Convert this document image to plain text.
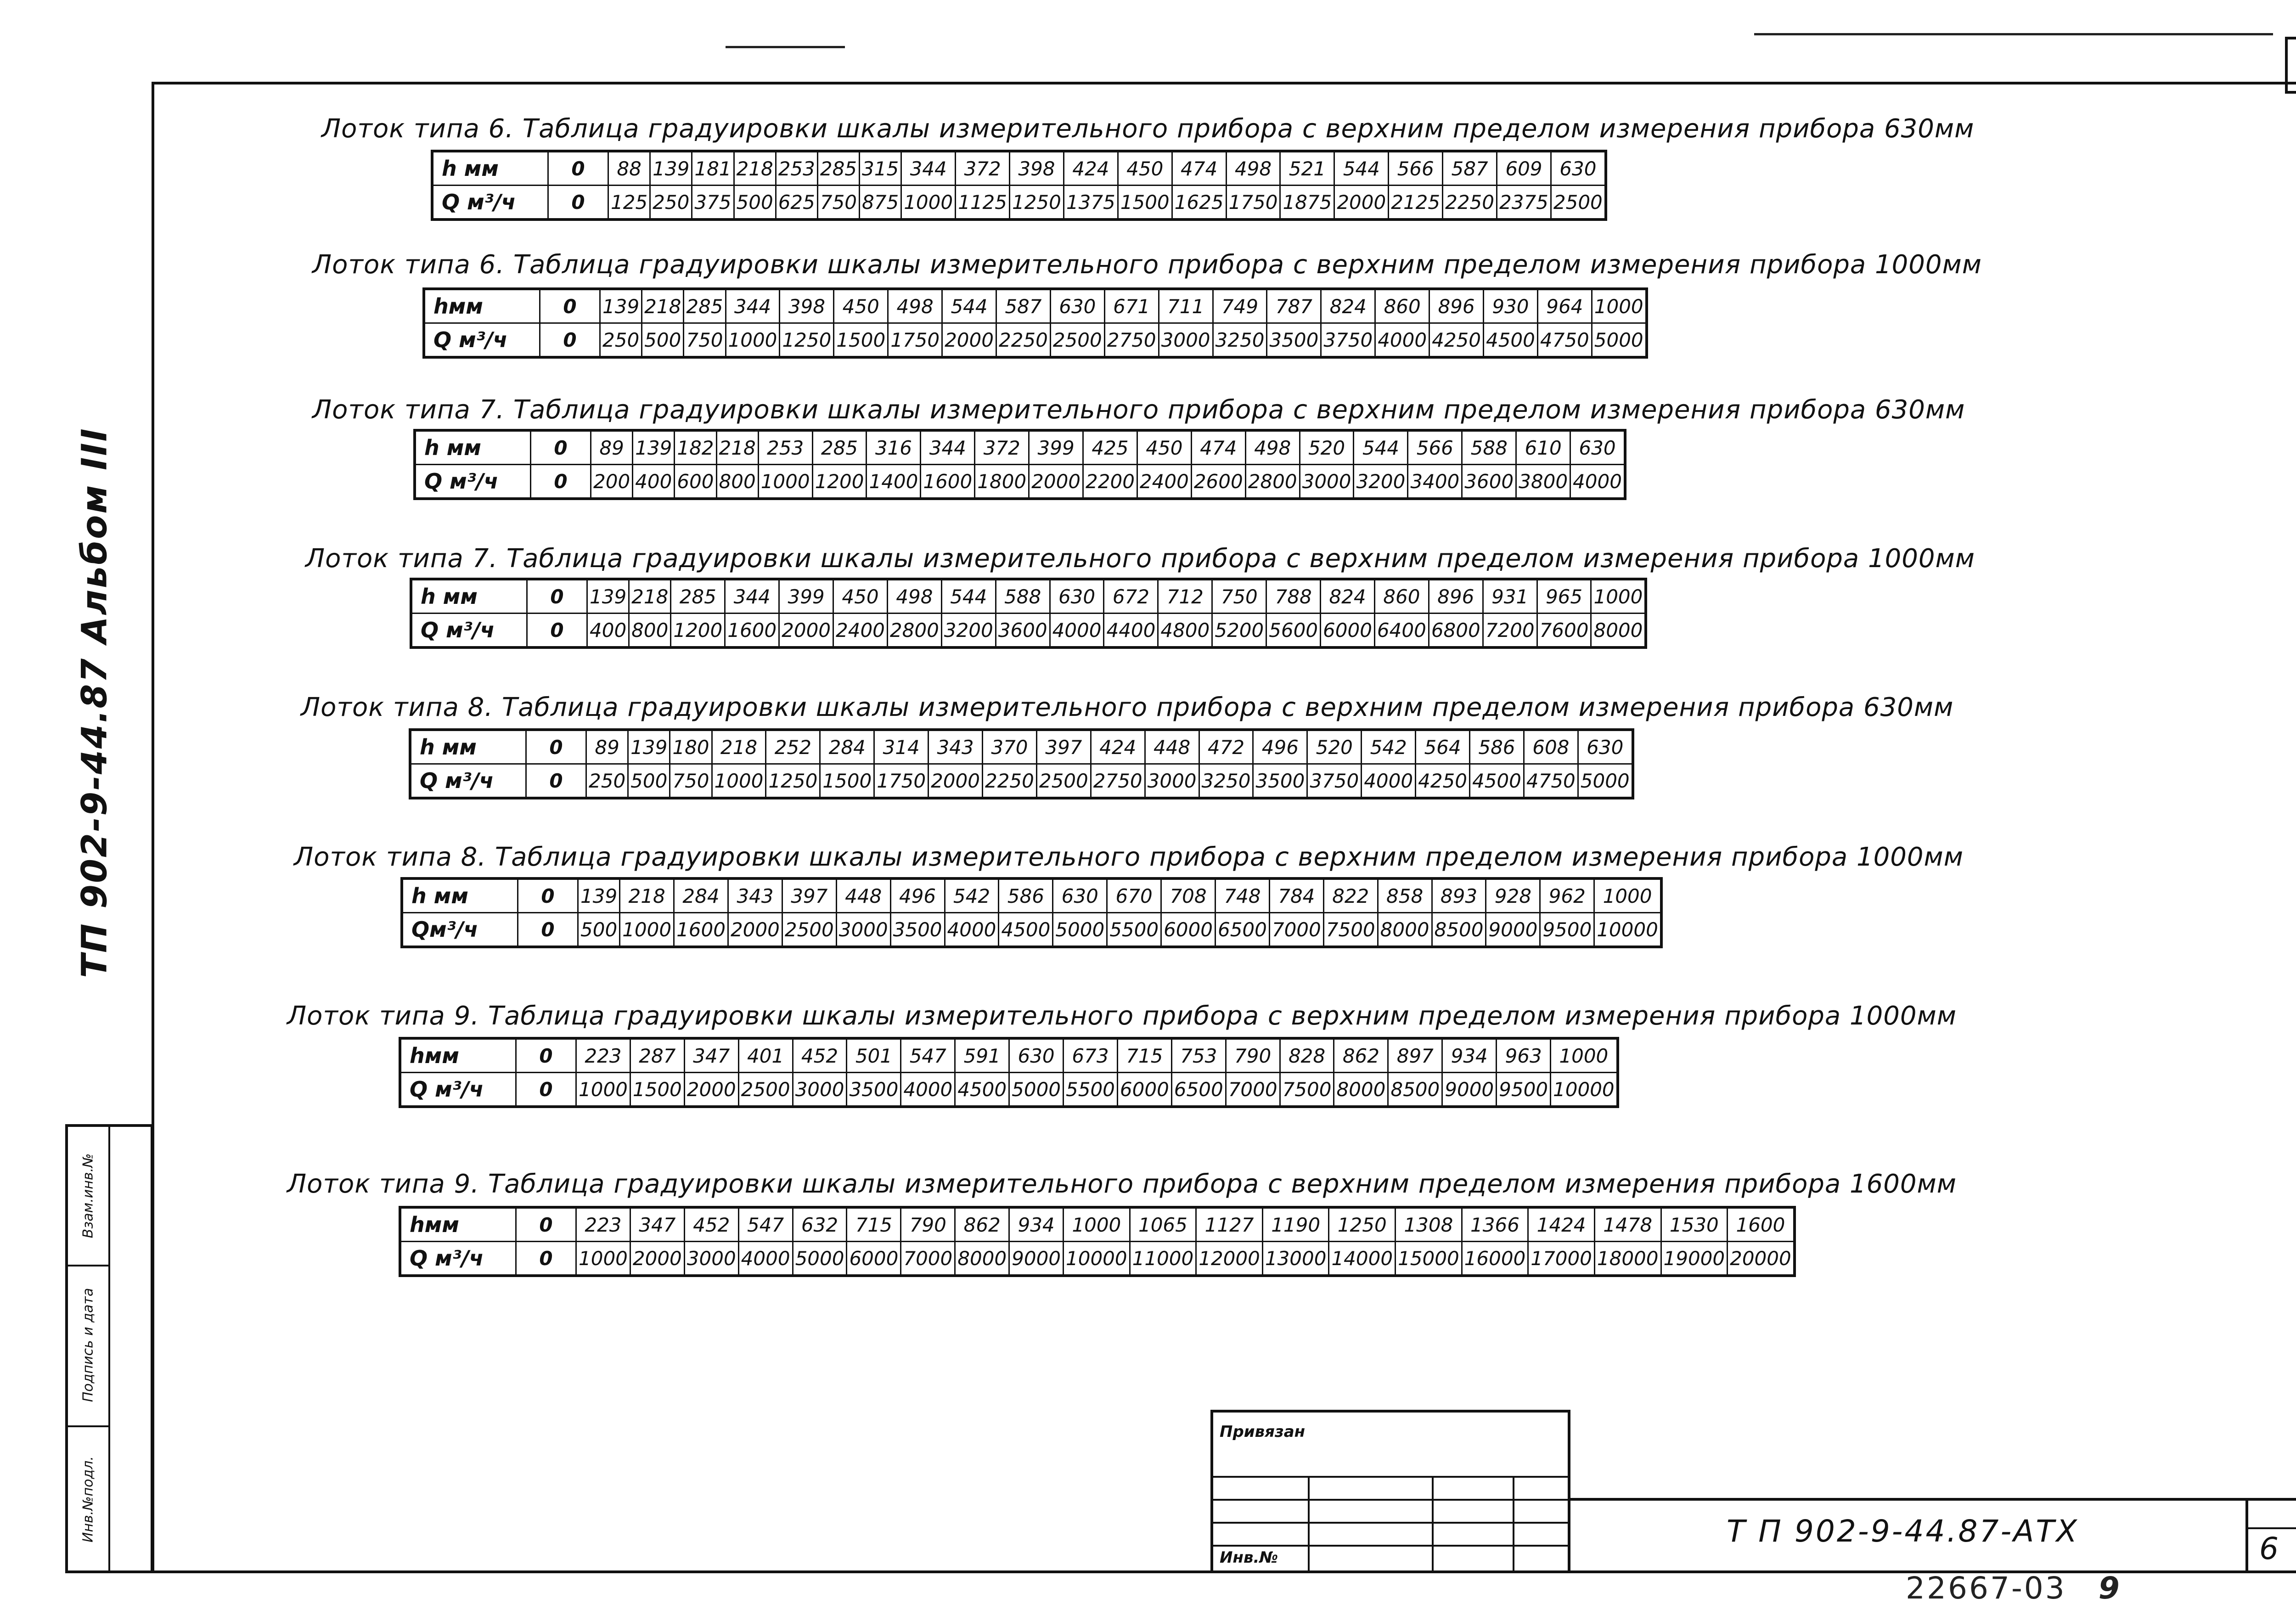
ТП 902-9-44.87 Альбом III
Взам.инв.№
Подпись и дата
Инв.№подл.
Лоток типа 6. Таблица градуировки шкалы измерительного прибора с верхним пределом измерения прибора 630мм
h мм	0	88	139	181	218	253	285	315	344	372	398	424	450	474	498	521	544	566	587	609	630
Q м³/ч	0	125	250	375	500	625	750	875	1000	1125	1250	1375	1500	1625	1750	1875	2000	2125	2250	2375	2500
Лоток типа 6. Таблица градуировки шкалы измерительного прибора с верхним пределом измерения прибора 1000мм
hмм	0	139	218	285	344	398	450	498	544	587	630	671	711	749	787	824	860	896	930	964	1000
Q м³/ч	0	250	500	750	1000	1250	1500	1750	2000	2250	2500	2750	3000	3250	3500	3750	4000	4250	4500	4750	5000
Лоток типа 7. Таблица градуировки шкалы измерительного прибора с верхним пределом измерения прибора 630мм
h мм	0	89	139	182	218	253	285	316	344	372	399	425	450	474	498	520	544	566	588	610	630
Q м³/ч	0	200	400	600	800	1000	1200	1400	1600	1800	2000	2200	2400	2600	2800	3000	3200	3400	3600	3800	4000
Лоток типа 7. Таблица градуировки шкалы измерительного прибора с верхним пределом измерения прибора 1000мм
h мм	0	139	218	285	344	399	450	498	544	588	630	672	712	750	788	824	860	896	931	965	1000
Q м³/ч	0	400	800	1200	1600	2000	2400	2800	3200	3600	4000	4400	4800	5200	5600	6000	6400	6800	7200	7600	8000
Лоток типа 8. Таблица градуировки шкалы измерительного прибора с верхним пределом измерения прибора 630мм
h мм	0	89	139	180	218	252	284	314	343	370	397	424	448	472	496	520	542	564	586	608	630
Q м³/ч	0	250	500	750	1000	1250	1500	1750	2000	2250	2500	2750	3000	3250	3500	3750	4000	4250	4500	4750	5000
Лоток типа 8. Таблица градуировки шкалы измерительного прибора с верхним пределом измерения прибора 1000мм
h мм	0	139	218	284	343	397	448	496	542	586	630	670	708	748	784	822	858	893	928	962	1000
Qм³/ч	0	500	1000	1600	2000	2500	3000	3500	4000	4500	5000	5500	6000	6500	7000	7500	8000	8500	9000	9500	10000
Лоток типа 9. Таблица градуировки шкалы измерительного прибора с верхним пределом измерения прибора 1000мм
hмм	0	223	287	347	401	452	501	547	591	630	673	715	753	790	828	862	897	934	963	1000
Q м³/ч	0	1000	1500	2000	2500	3000	3500	4000	4500	5000	5500	6000	6500	7000	7500	8000	8500	9000	9500	10000
Лоток типа 9. Таблица градуировки шкалы измерительного прибора с верхним пределом измерения прибора 1600мм
hмм	0	223	347	452	547	632	715	790	862	934	1000	1065	1127	1190	1250	1308	1366	1424	1478	1530	1600
Q м³/ч	0	1000	2000	3000	4000	5000	6000	7000	8000	9000	10000	11000	12000	13000	14000	15000	16000	17000	18000	19000	20000
Привязан
Инв.№
Т П 902-9-44.87-АТХ	6
22667-03 9
